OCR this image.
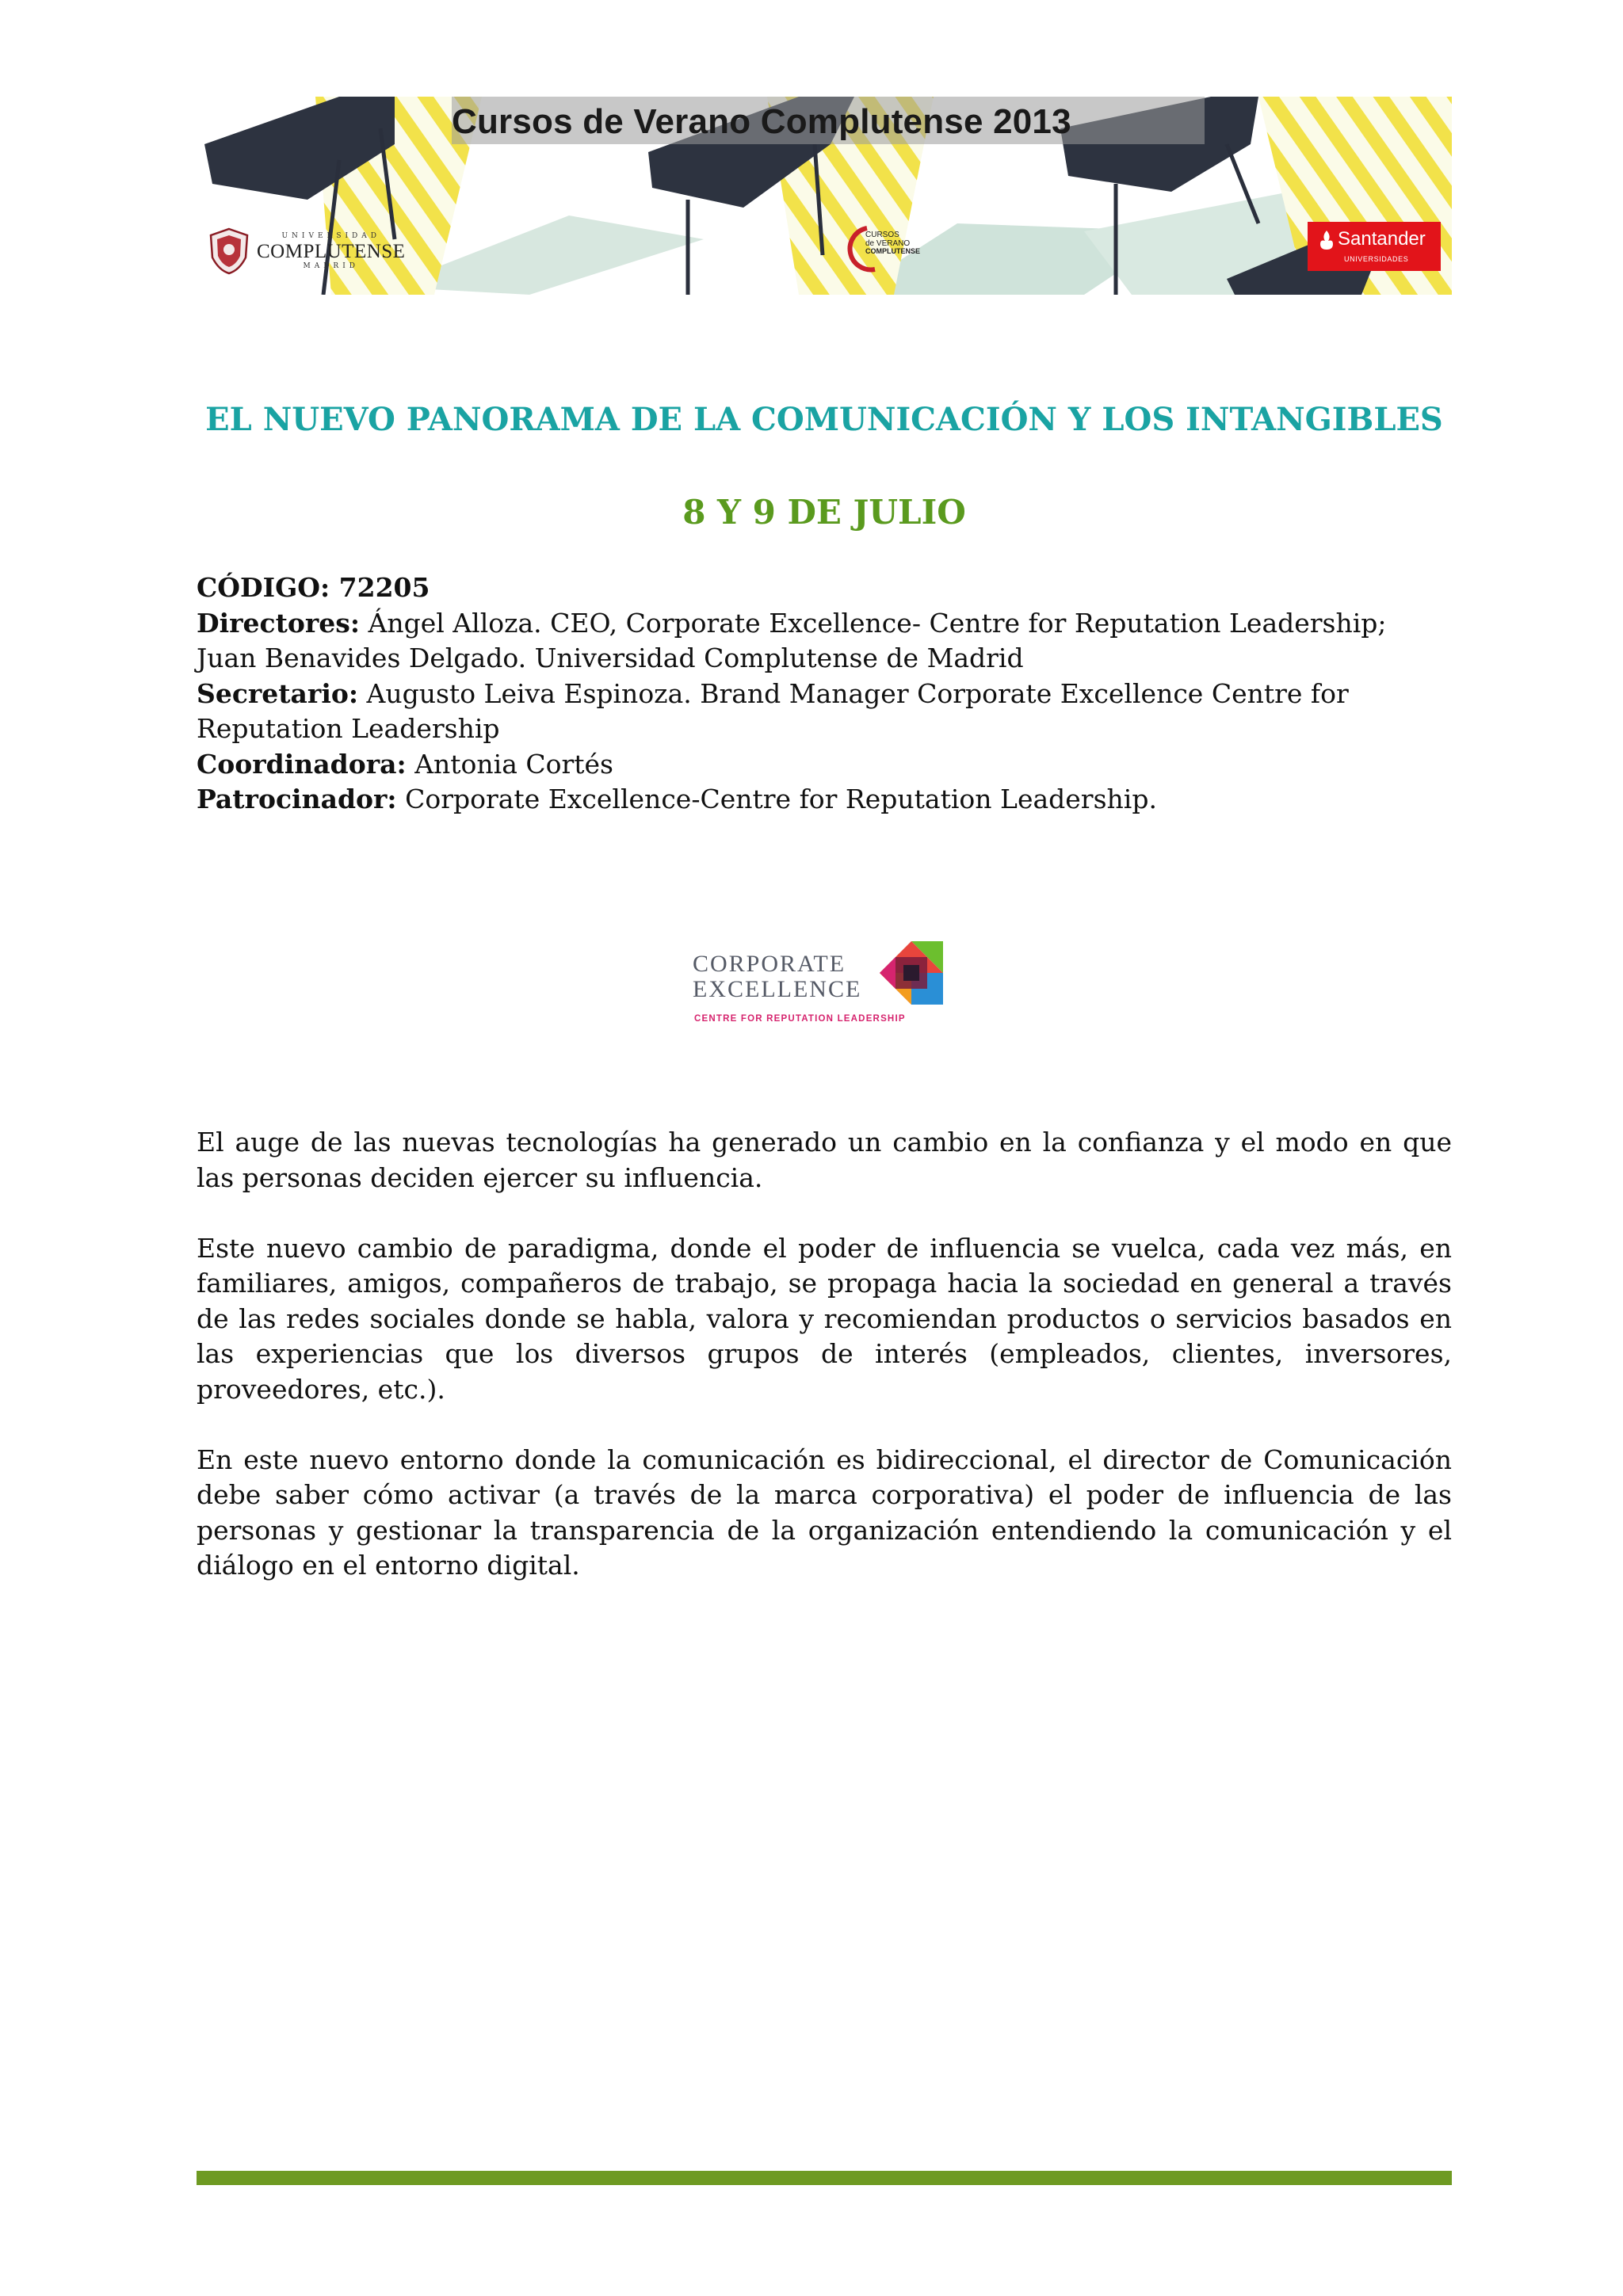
Cursos de Verano Complutense 2013
UNIVERSIDAD
COMPLUTENSE
MADRID
CURSOS
de VERANO
COMPLUTENSE
Santander
UNIVERSIDADES
EL NUEVO PANORAMA DE LA COMUNICACIÓN Y LOS INTANGIBLES
8 Y 9 DE JULIO

CÓDIGO: 72205

Directores: Ángel Alloza. CEO, Corporate Excellence- Centre for Reputation Leadership; Juan Benavides Delgado. Universidad Complutense de Madrid

Secretario: Augusto Leiva Espinoza. Brand Manager Corporate Excellence Centre for Reputation Leadership

Coordinadora: Antonia Cortés

Patrocinador: Corporate Excellence-Centre for Reputation Leadership.

CORPORATE
EXCELLENCE
CENTRE FOR REPUTATION LEADERSHIP

El auge de las nuevas tecnologías ha generado un cambio en la confianza y el modo en que las personas deciden ejercer su influencia.

Este nuevo cambio de paradigma, donde el poder de influencia se vuelca, cada vez más, en familiares, amigos, compañeros de trabajo, se propaga hacia la sociedad en general a través de las redes sociales donde se habla, valora y recomiendan productos o servicios basados en las experiencias que los diversos grupos de interés (empleados, clientes, inversores, proveedores, etc.).

En este nuevo entorno donde la comunicación es bidireccional, el director de Comunicación debe saber cómo activar (a través de la marca corporativa) el poder de influencia de las personas y gestionar la transparencia de la organización entendiendo la comunicación y el diálogo en el entorno digital.
